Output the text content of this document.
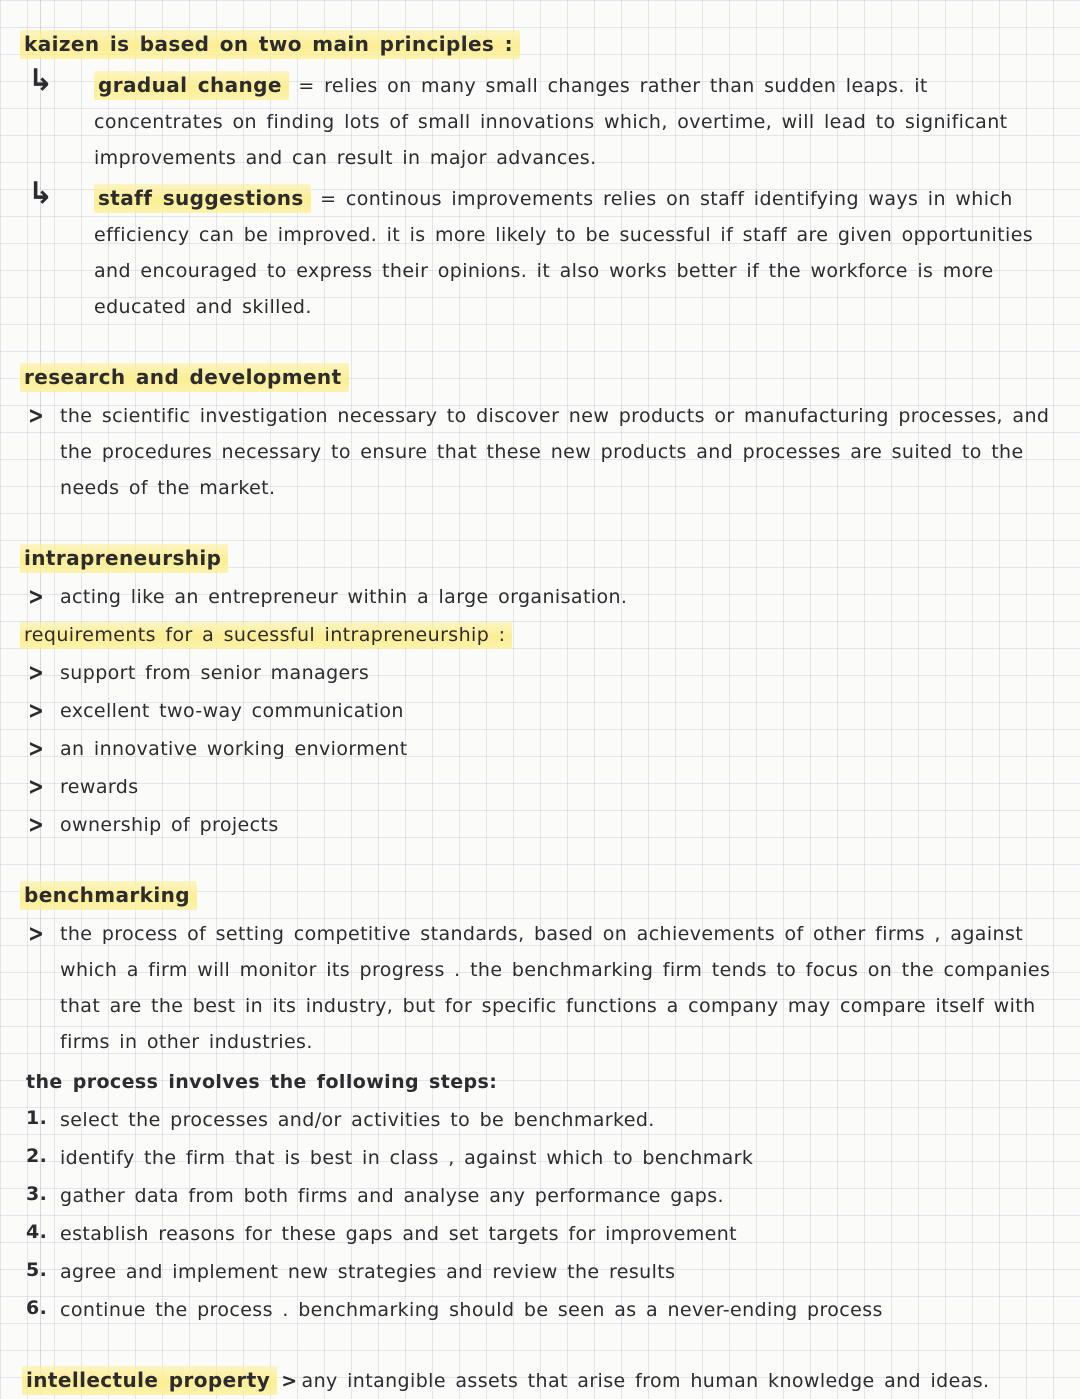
kaizen is based on two main principles :
↳ gradual change = relies on many small changes rather than sudden leaps. it concentrates on finding lots of small innovations which, overtime, will lead to significant improvements and can result in major advances.

↳ staff suggestions = continous improvements relies on staff identifying ways in which efficiency can be improved. it is more likely to be sucessful if staff are given opportunities and encouraged to express their opinions. it also works better if the workforce is more educated and skilled.

research and development
> the scientific investigation necessary to discover new products or manufacturing processes, and the procedures necessary to ensure that these new products and processes are suited to the needs of the market.

intrapreneurship
> acting like an entrepreneur within a large organisation.

requirements for a sucessful intrapreneurship :
> support from senior managers

> excellent two-way communication

> an innovative working enviorment

> rewards

> ownership of projects

benchmarking
> the process of setting competitive standards, based on achievements of other firms , against which a firm will monitor its progress . the benchmarking firm tends to focus on the companies that are the best in its industry, but for specific functions a company may compare itself with firms in other industries.

the process involves the following steps:
1. select the processes and/or activities to be benchmarked.

2. identify the firm that is best in class , against which to benchmark

3. gather data from both firms and analyse any performance gaps.

4. establish reasons for these gaps and set targets for improvement

5. agree and implement new strategies and review the results

6. continue the process . benchmarking should be seen as a never-ending process

intellectule property > any intangible assets that arise from human knowledge and ideas.
